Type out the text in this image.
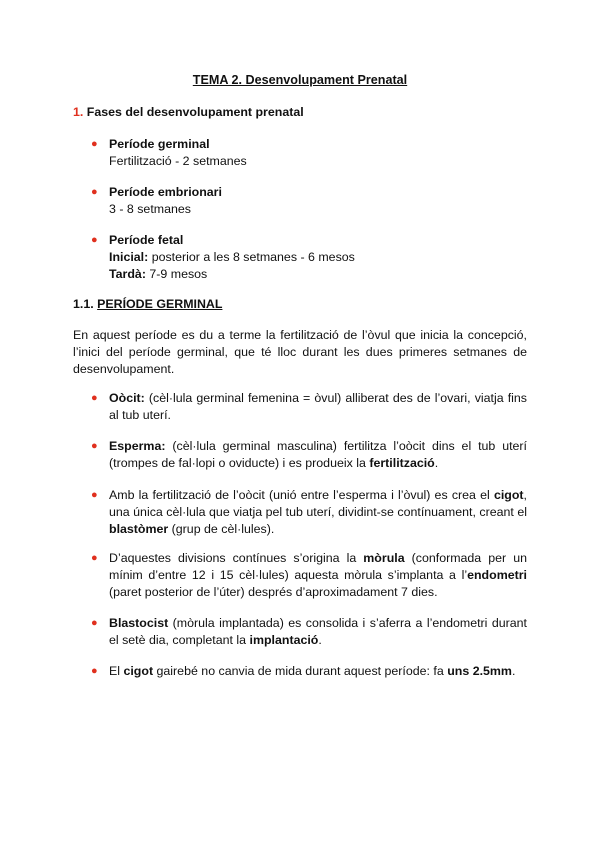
TEMA 2. Desenvolupament Prenatal
1. Fases del desenvolupament prenatal
● Període germinal
Fertilització - 2 setmanes
● Període embrionari
3 - 8 setmanes
● Període fetal
Inicial: posterior a les 8 setmanes - 6 mesos
Tardà: 7-9 mesos
1.1. PERÍODE GERMINAL

En aquest període es du a terme la fertilització de l’òvul que inicia la concepció, l’inici del període germinal, que té lloc durant les dues primeres setmanes de desenvolupament.

● Oòcit: (cèl·lula germinal femenina = òvul) alliberat des de l’ovari, viatja fins al tub uterí.
● Esperma: (cèl·lula germinal masculina) fertilitza l’oòcit dins el tub uterí (trompes de fal·lopi o oviducte) i es produeix la fertilització.
● Amb la fertilització de l’oòcit (unió entre l’esperma i l’òvul) es crea el cigot, una única cèl·lula que viatja pel tub uterí, dividint-se contínuament, creant el blastòmer (grup de cèl·lules).
● D’aquestes divisions contínues s’origina la mòrula (conformada per un mínim d’entre 12 i 15 cèl·lules) aquesta mòrula s’implanta a l’endometri (paret posterior de l’úter) després d’aproximadament 7 dies.
● Blastocist (mòrula implantada) es consolida i s’aferra a l’endometri durant el setè dia, completant la implantació.
● El cigot gairebé no canvia de mida durant aquest període: fa uns 2.5mm.
